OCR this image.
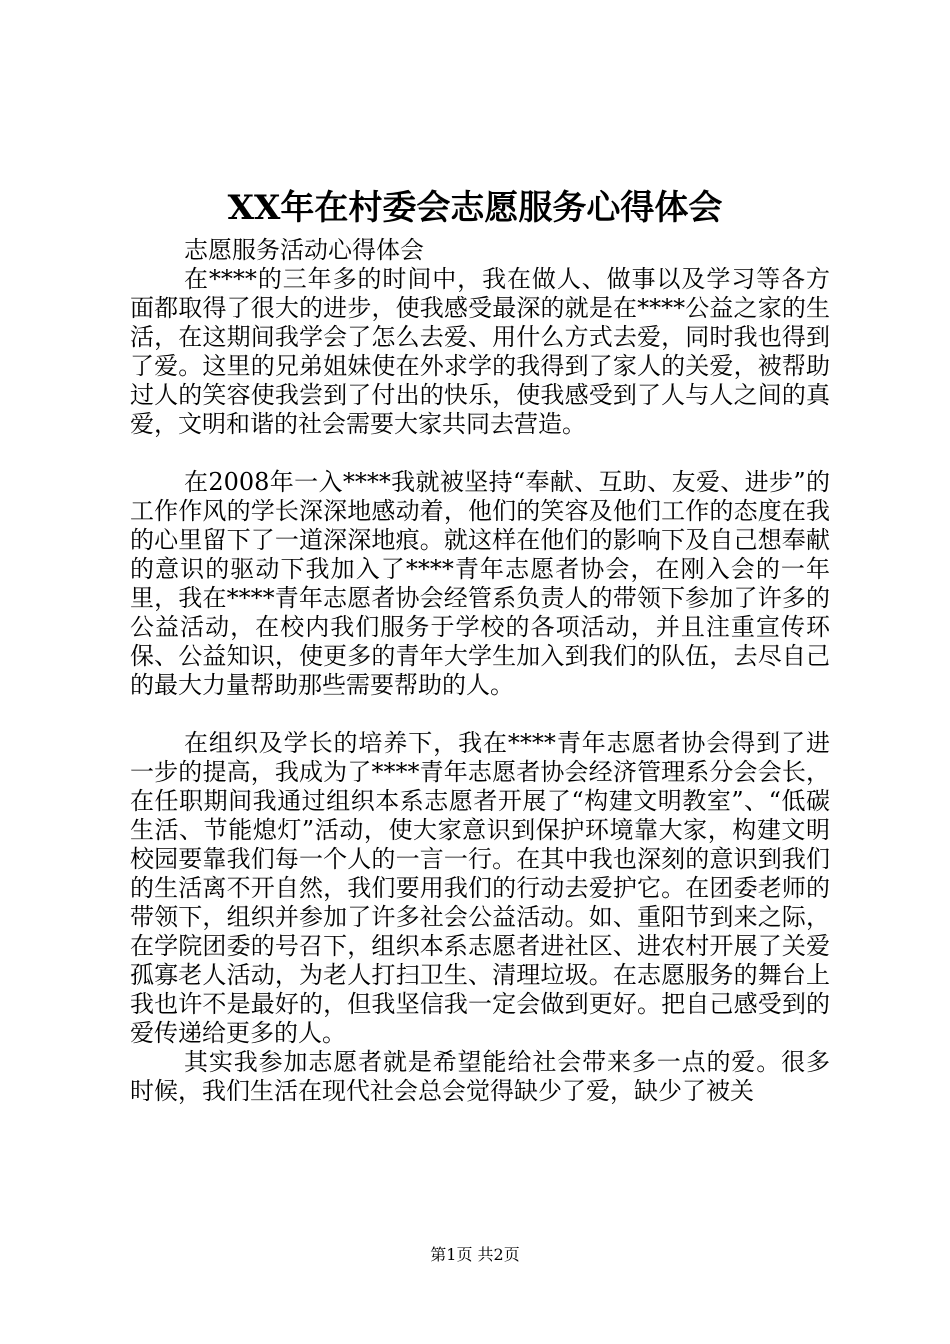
XX年在村委会志愿服务心得体会

志愿服务活动心得体会

在****的三年多的时间中，我在做人、做事以及学习等各方面都取得了很大的进步，使我感受最深的就是在****公益之家的生活，在这期间我学会了怎么去爱、用什么方式去爱，同时我也得到了爱。这里的兄弟姐妹使在外求学的我得到了家人的关爱，被帮助过人的笑容使我尝到了付出的快乐，使我感受到了人与人之间的真爱，文明和谐的社会需要大家共同去营造。

在2008年一入****我就被坚持“奉献、互助、友爱、进步”的工作作风的学长深深地感动着，他们的笑容及他们工作的态度在我的心里留下了一道深深地痕。就这样在他们的影响下及自己想奉献的意识的驱动下我加入了****青年志愿者协会，在刚入会的一年里，我在****青年志愿者协会经管系负责人的带领下参加了许多的公益活动，在校内我们服务于学校的各项活动，并且注重宣传环保、公益知识，使更多的青年大学生加入到我们的队伍，去尽自己的最大力量帮助那些需要帮助的人。

在组织及学长的培养下，我在****青年志愿者协会得到了进一步的提高，我成为了****青年志愿者协会经济管理系分会会长，在任职期间我通过组织本系志愿者开展了“构建文明教室”、“低碳生活、节能熄灯”活动，使大家意识到保护环境靠大家，构建文明校园要靠我们每一个人的一言一行。在其中我也深刻的意识到我们的生活离不开自然，我们要用我们的行动去爱护它。在团委老师的带领下，组织并参加了许多社会公益活动。如、重阳节到来之际，在学院团委的号召下，组织本系志愿者进社区、进农村开展了关爱孤寡老人活动，为老人打扫卫生、清理垃圾。在志愿服务的舞台上我也许不是最好的，但我坚信我一定会做到更好。把自己感受到的爱传递给更多的人。

其实我参加志愿者就是希望能给社会带来多一点的爱。很多时候，我们生活在现代社会总会觉得缺少了爱，缺少了被关

第1页 共2页
